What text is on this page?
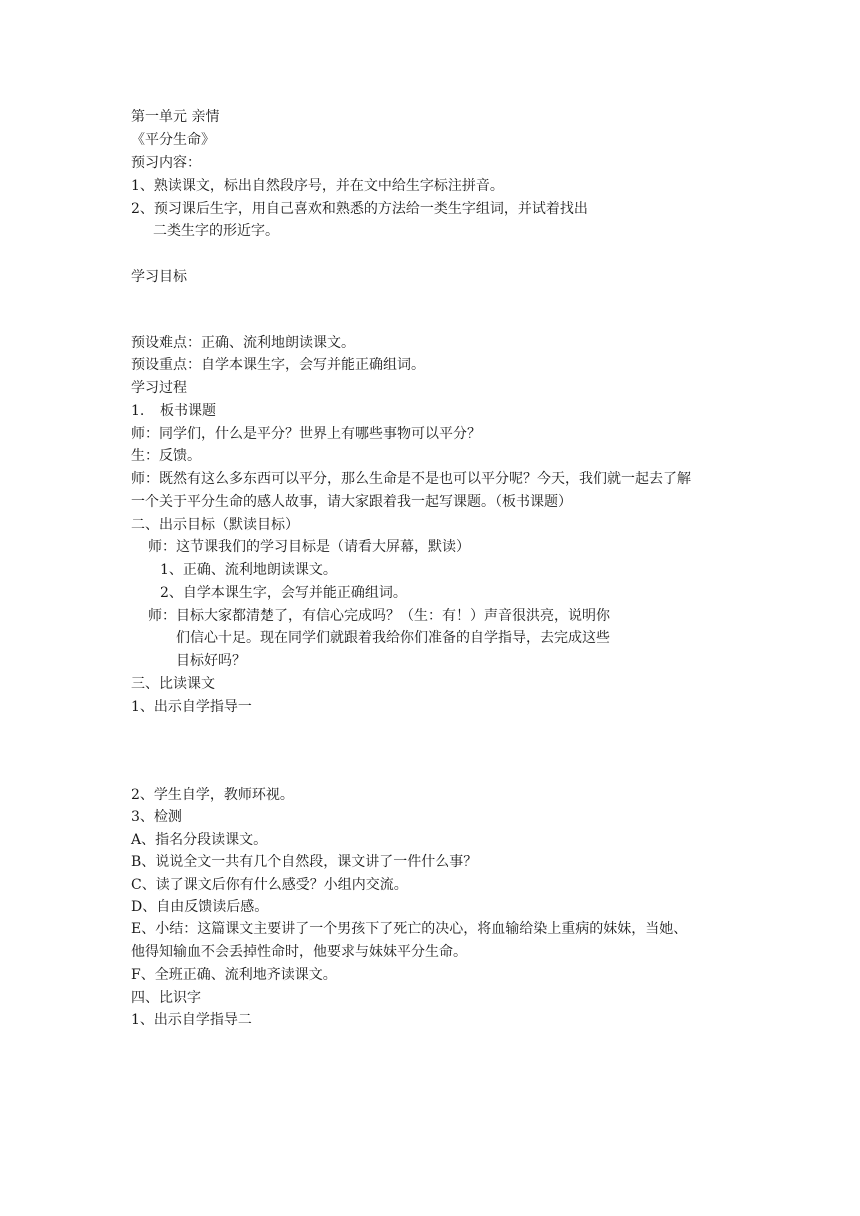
第一单元 亲情
《平分生命》
预习内容：
1、熟读课文，标出自然段序号，并在文中给生字标注拼音。
2、预习课后生字，用自己喜欢和熟悉的方法给一类生字组词，并试着找出
二类生字的形近字。
学习目标
预设难点：正确、流利地朗读课文。
预设重点：自学本课生字，会写并能正确组词。
学习过程
1. 板书课题
师：同学们，什么是平分？世界上有哪些事物可以平分？
生：反馈。
师：既然有这么多东西可以平分，那么生命是不是也可以平分呢？今天，我们就一起去了解
一个关于平分生命的感人故事，请大家跟着我一起写课题。（板书课题）
二、出示目标（默读目标）
师：这节课我们的学习目标是（请看大屏幕，默读）
1、正确、流利地朗读课文。
2、自学本课生字，会写并能正确组词。
师：目标大家都清楚了，有信心完成吗？（生：有！）声音很洪亮，说明你
们信心十足。现在同学们就跟着我给你们准备的自学指导，去完成这些
目标好吗？
三、比读课文
1、出示自学指导一
2、学生自学，教师环视。
3、检测
A、指名分段读课文。
B、说说全文一共有几个自然段，课文讲了一件什么事？
C、读了课文后你有什么感受？小组内交流。
D、自由反馈读后感。
E、小结：这篇课文主要讲了一个男孩下了死亡的决心，将血输给染上重病的妹妹，当她、
他得知输血不会丢掉性命时，他要求与妹妹平分生命。
F、全班正确、流利地齐读课文。
四、比识字
1、出示自学指导二
